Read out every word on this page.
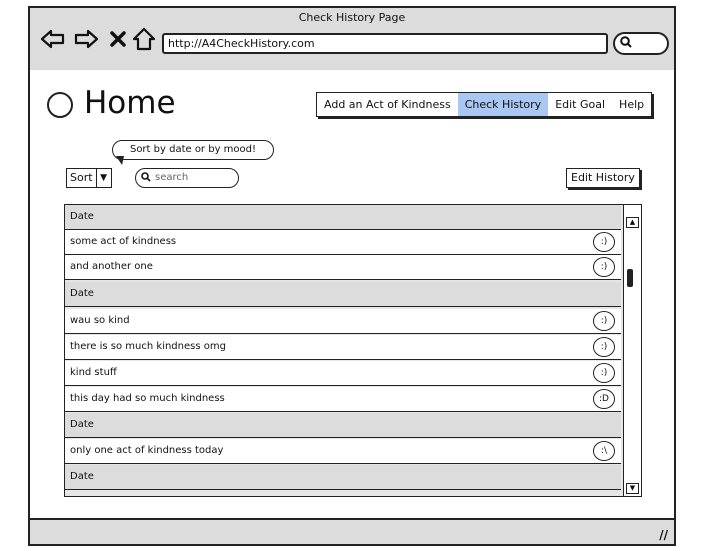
Check History Page
http://A4CheckHistory.com
Home	Add an Act of Kindness	Check History	Edit Goal	Help
Sort by date or by mood!
Sort ▼	search	Edit History
Date
some act of kindness	:)
and another one	:)
Date
wau so kind	:)
there is so much kindness omg	:)
kind stuff	:)
this day had so much kindness	:D
Date
only one act of kindness today	:\
Date
▲
▼
//
